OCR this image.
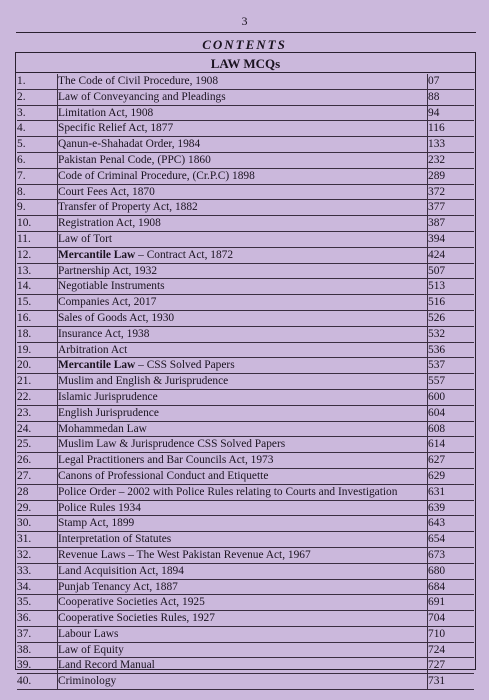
3
CONTENTS
LAW MCQs
1.	The Code of Civil Procedure, 1908	07
2.	Law of Conveyancing and Pleadings	88
3.	Limitation Act, 1908	94
4.	Specific Relief Act, 1877	116
5.	Qanun-e-Shahadat Order, 1984	133
6.	Pakistan Penal Code, (PPC) 1860	232
7.	Code of Criminal Procedure, (Cr.P.C) 1898	289
8.	Court Fees Act, 1870	372
9.	Transfer of Property Act, 1882	377
10.	Registration Act, 1908	387
11.	Law of Tort	394
12.	Mercantile Law – Contract Act, 1872	424
13.	Partnership Act, 1932	507
14.	Negotiable Instruments	513
15.	Companies Act, 2017	516
16.	Sales of Goods Act, 1930	526
18.	Insurance Act, 1938	532
19.	Arbitration Act	536
20.	Mercantile Law – CSS Solved Papers	537
21.	Muslim and English & Jurisprudence	557
22.	Islamic Jurisprudence	600
23.	English Jurisprudence	604
24.	Mohammedan Law	608
25.	Muslim Law & Jurisprudence CSS Solved Papers	614
26.	Legal Practitioners and Bar Councils Act, 1973	627
27.	Canons of Professional Conduct and Etiquette	629
28	Police Order – 2002 with Police Rules relating to Courts and Investigation	631
29.	Police Rules 1934	639
30.	Stamp Act, 1899	643
31.	Interpretation of Statutes	654
32.	Revenue Laws – The West Pakistan Revenue Act, 1967	673
33.	Land Acquisition Act, 1894	680
34.	Punjab Tenancy Act, 1887	684
35.	Cooperative Societies Act, 1925	691
36.	Cooperative Societies Rules, 1927	704
37.	Labour Laws	710
38.	Law of Equity	724
39.	Land Record Manual	727
40.	Criminology	731
